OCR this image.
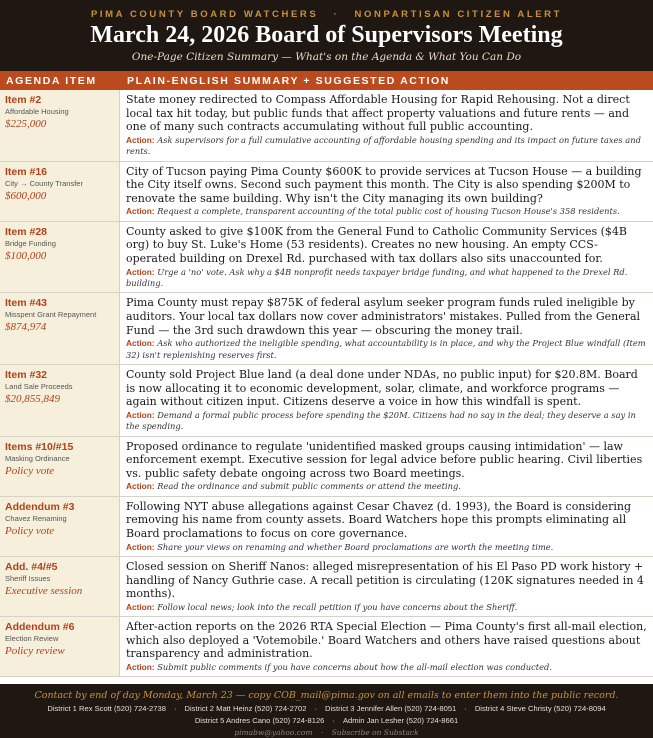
PIMA COUNTY BOARD WATCHERS · NONPARTISAN CITIZEN ALERT
March 24, 2026 Board of Supervisors Meeting
One-Page Citizen Summary — What's on the Agenda & What You Can Do
AGENDA ITEM	PLAIN-ENGLISH SUMMARY + SUGGESTED ACTION
Item #2
Affordable Housing
$225,000
State money redirected to Compass Affordable Housing for Rapid Rehousing. Not a direct local tax hit today, but public funds that affect property valuations and future rents — and one of many such contracts accumulating without full public accounting.
Action: Ask supervisors for a full cumulative accounting of affordable housing spending and its impact on future taxes and rents.
Item #16
City → County Transfer
$600,000
City of Tucson paying Pima County $600K to provide services at Tucson House — a building the City itself owns. Second such payment this month. The City is also spending $200M to renovate the same building. Why isn't the City managing its own building?
Action: Request a complete, transparent accounting of the total public cost of housing Tucson House's 358 residents.
Item #28
Bridge Funding
$100,000
County asked to give $100K from the General Fund to Catholic Community Services ($4B org) to buy St. Luke's Home (53 residents). Creates no new housing. An empty CCS-operated building on Drexel Rd. purchased with tax dollars also sits unaccounted for.
Action: Urge a 'no' vote. Ask why a $4B nonprofit needs taxpayer bridge funding, and what happened to the Drexel Rd. building.
Item #43
Misspent Grant Repayment
$874,974
Pima County must repay $875K of federal asylum seeker program funds ruled ineligible by auditors. Your local tax dollars now cover administrators' mistakes. Pulled from the General Fund — the 3rd such drawdown this year — obscuring the money trail.
Action: Ask who authorized the ineligible spending, what accountability is in place, and why the Project Blue windfall (Item 32) isn't replenishing reserves first.
Item #32
Land Sale Proceeds
$20,855,849
County sold Project Blue land (a deal done under NDAs, no public input) for $20.8M. Board is now allocating it to economic development, solar, climate, and workforce programs — again without citizen input. Citizens deserve a voice in how this windfall is spent.
Action: Demand a formal public process before spending the $20M. Citizens had no say in the deal; they deserve a say in the spending.
Items #10/#15
Masking Ordinance
Policy vote
Proposed ordinance to regulate 'unidentified masked groups causing intimidation' — law enforcement exempt. Executive session for legal advice before public hearing. Civil liberties vs. public safety debate ongoing across two Board meetings.
Action: Read the ordinance and submit public comments or attend the meeting.
Addendum #3
Chavez Renaming
Policy vote
Following NYT abuse allegations against Cesar Chavez (d. 1993), the Board is considering removing his name from county assets. Board Watchers hope this prompts eliminating all Board proclamations to focus on core governance.
Action: Share your views on renaming and whether Board proclamations are worth the meeting time.
Add. #4/#5
Sheriff Issues
Executive session
Closed session on Sheriff Nanos: alleged misrepresentation of his El Paso PD work history + handling of Nancy Guthrie case. A recall petition is circulating (120K signatures needed in 4 months).
Action: Follow local news; look into the recall petition if you have concerns about the Sheriff.
Addendum #6
Election Review
Policy review
After-action reports on the 2026 RTA Special Election — Pima County's first all-mail election, which also deployed a 'Votemobile.' Board Watchers and others have raised questions about transparency and administration.
Action: Submit public comments if you have concerns about how the all-mail election was conducted.
Contact by end of day Monday, March 23 — copy COB_mail@pima.gov on all emails to enter them into the public record.
District 1 Rex Scott (520) 724-2738 · District 2 Matt Heinz (520) 724-2702 · District 3 Jennifer Allen (520) 724-8051 · District 4 Steve Christy (520) 724-8094
District 5 Andres Cano (520) 724-8126 · Admin Jan Lesher (520) 724-8661
pimabw@yahoo.com · Subscribe on Substack
